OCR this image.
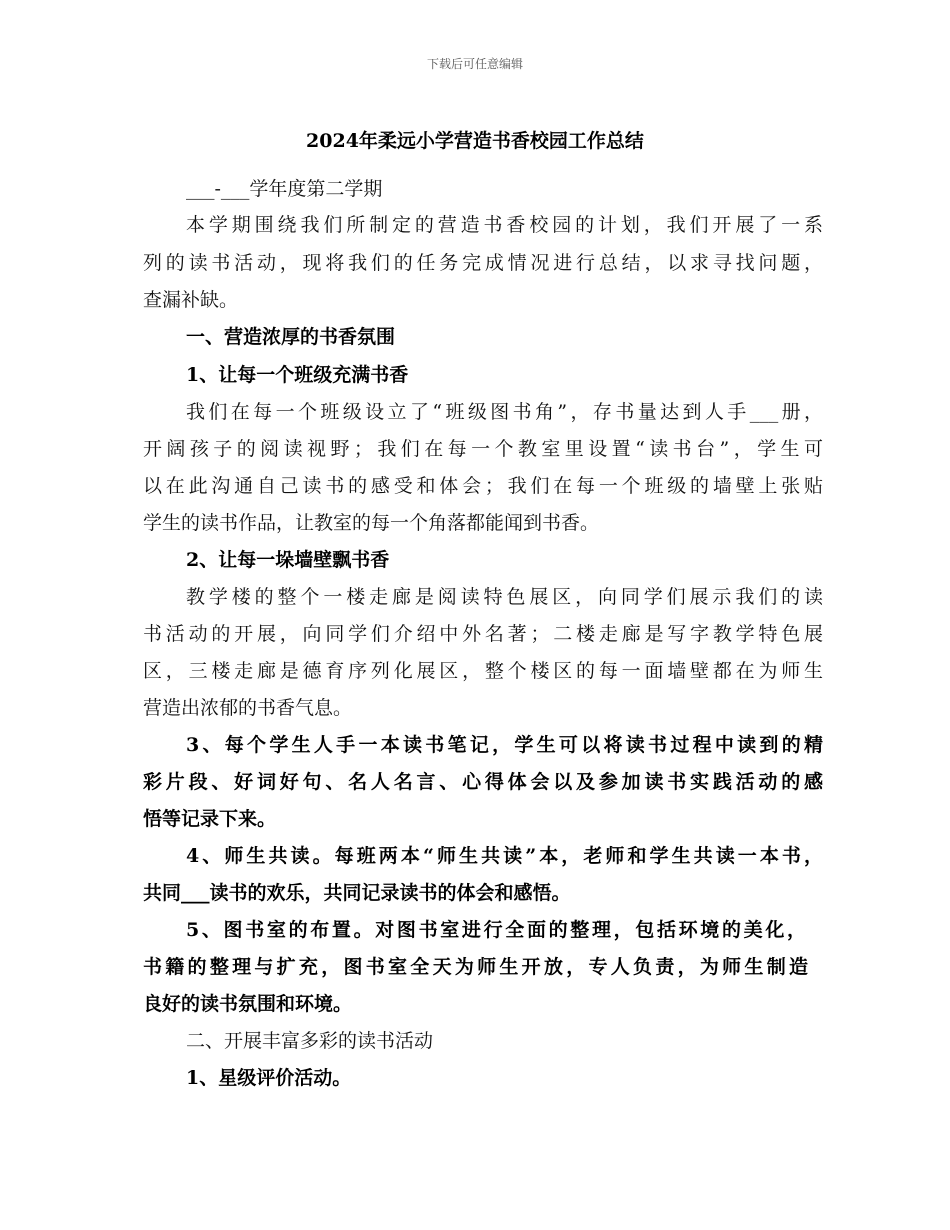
下载后可任意编辑
2024年柔远小学营造书香校园工作总结
___-___学年度第二学期
本学期围绕我们所制定的营造书香校园的计划，我们开展了一系
列的读书活动，现将我们的任务完成情况进行总结，以求寻找问题，
查漏补缺。
一、营造浓厚的书香氛围
1、让每一个班级充满书香
我们在每一个班级设立了“班级图书角”，存书量达到人手___册，
开阔孩子的阅读视野；我们在每一个教室里设置“读书台”，学生可
以在此沟通自己读书的感受和体会；我们在每一个班级的墙壁上张贴
学生的读书作品，让教室的每一个角落都能闻到书香。
2、让每一垛墙壁飘书香
教学楼的整个一楼走廊是阅读特色展区，向同学们展示我们的读
书活动的开展，向同学们介绍中外名著；二楼走廊是写字教学特色展
区，三楼走廊是德育序列化展区，整个楼区的每一面墙壁都在为师生
营造出浓郁的书香气息。
3、每个学生人手一本读书笔记，学生可以将读书过程中读到的精
彩片段、好词好句、名人名言、心得体会以及参加读书实践活动的感
悟等记录下来。
4、师生共读。每班两本“师生共读”本，老师和学生共读一本书，
共同___读书的欢乐，共同记录读书的体会和感悟。
5、图书室的布置。对图书室进行全面的整理，包括环境的美化，
书籍的整理与扩充，图书室全天为师生开放，专人负责，为师生制造
良好的读书氛围和环境。
二、开展丰富多彩的读书活动
1、星级评价活动。
